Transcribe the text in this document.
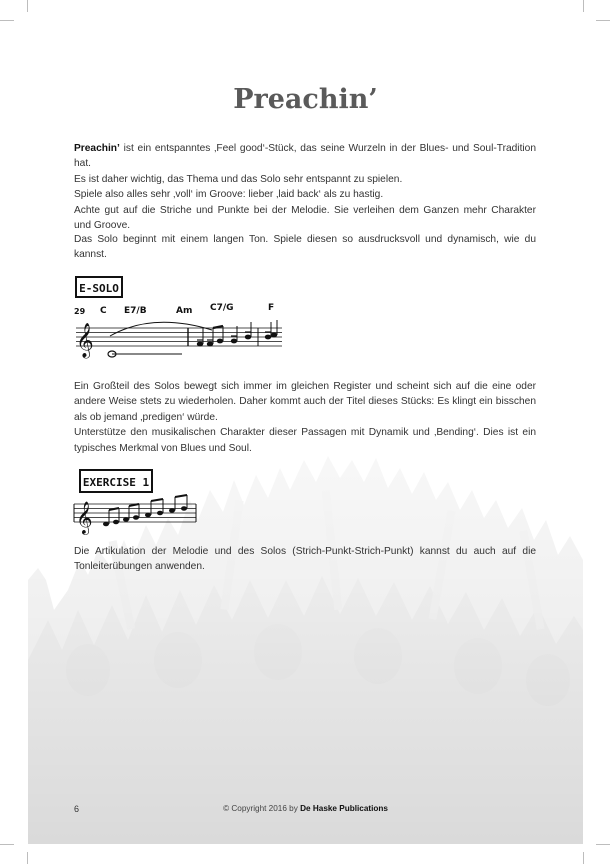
Preachin’
Preachin’ ist ein entspanntes ‚Feel good‘-Stück, das seine Wurzeln in der Blues- und Soul-Tradition hat.
Es ist daher wichtig, das Thema und das Solo sehr entspannt zu spielen.
Spiele also alles sehr ‚voll‘ im Groove: lieber ‚laid back‘ als zu hastig.
Achte gut auf die Striche und Punkte bei der Melodie. Sie verleihen dem Ganzen mehr Charakter
und Groove.
Das Solo beginnt mit einem langen Ton. Spiele diesen so ausdrucksvoll und dynamisch, wie du
kannst.
E-SOLO
29 C E7/B	Am C7/G	F
𝄞
Ein Großteil des Solos bewegt sich immer im gleichen Register und scheint sich auf die eine oder
andere Weise stets zu wiederholen. Daher kommt auch der Titel dieses Stücks: Es klingt ein bisschen
als ob jemand ‚predigen‘ würde.
Unterstütze den musikalischen Charakter dieser Passagen mit Dynamik und ‚Bending‘. Dies ist ein
typisches Merkmal von Blues und Soul.
EXERCISE 1
𝄞
Die Artikulation der Melodie und des Solos (Strich-Punkt-Strich-Punkt) kannst du auch auf die
Tonleiterübungen anwenden.
6	© Copyright 2016 by De Haske Publications
